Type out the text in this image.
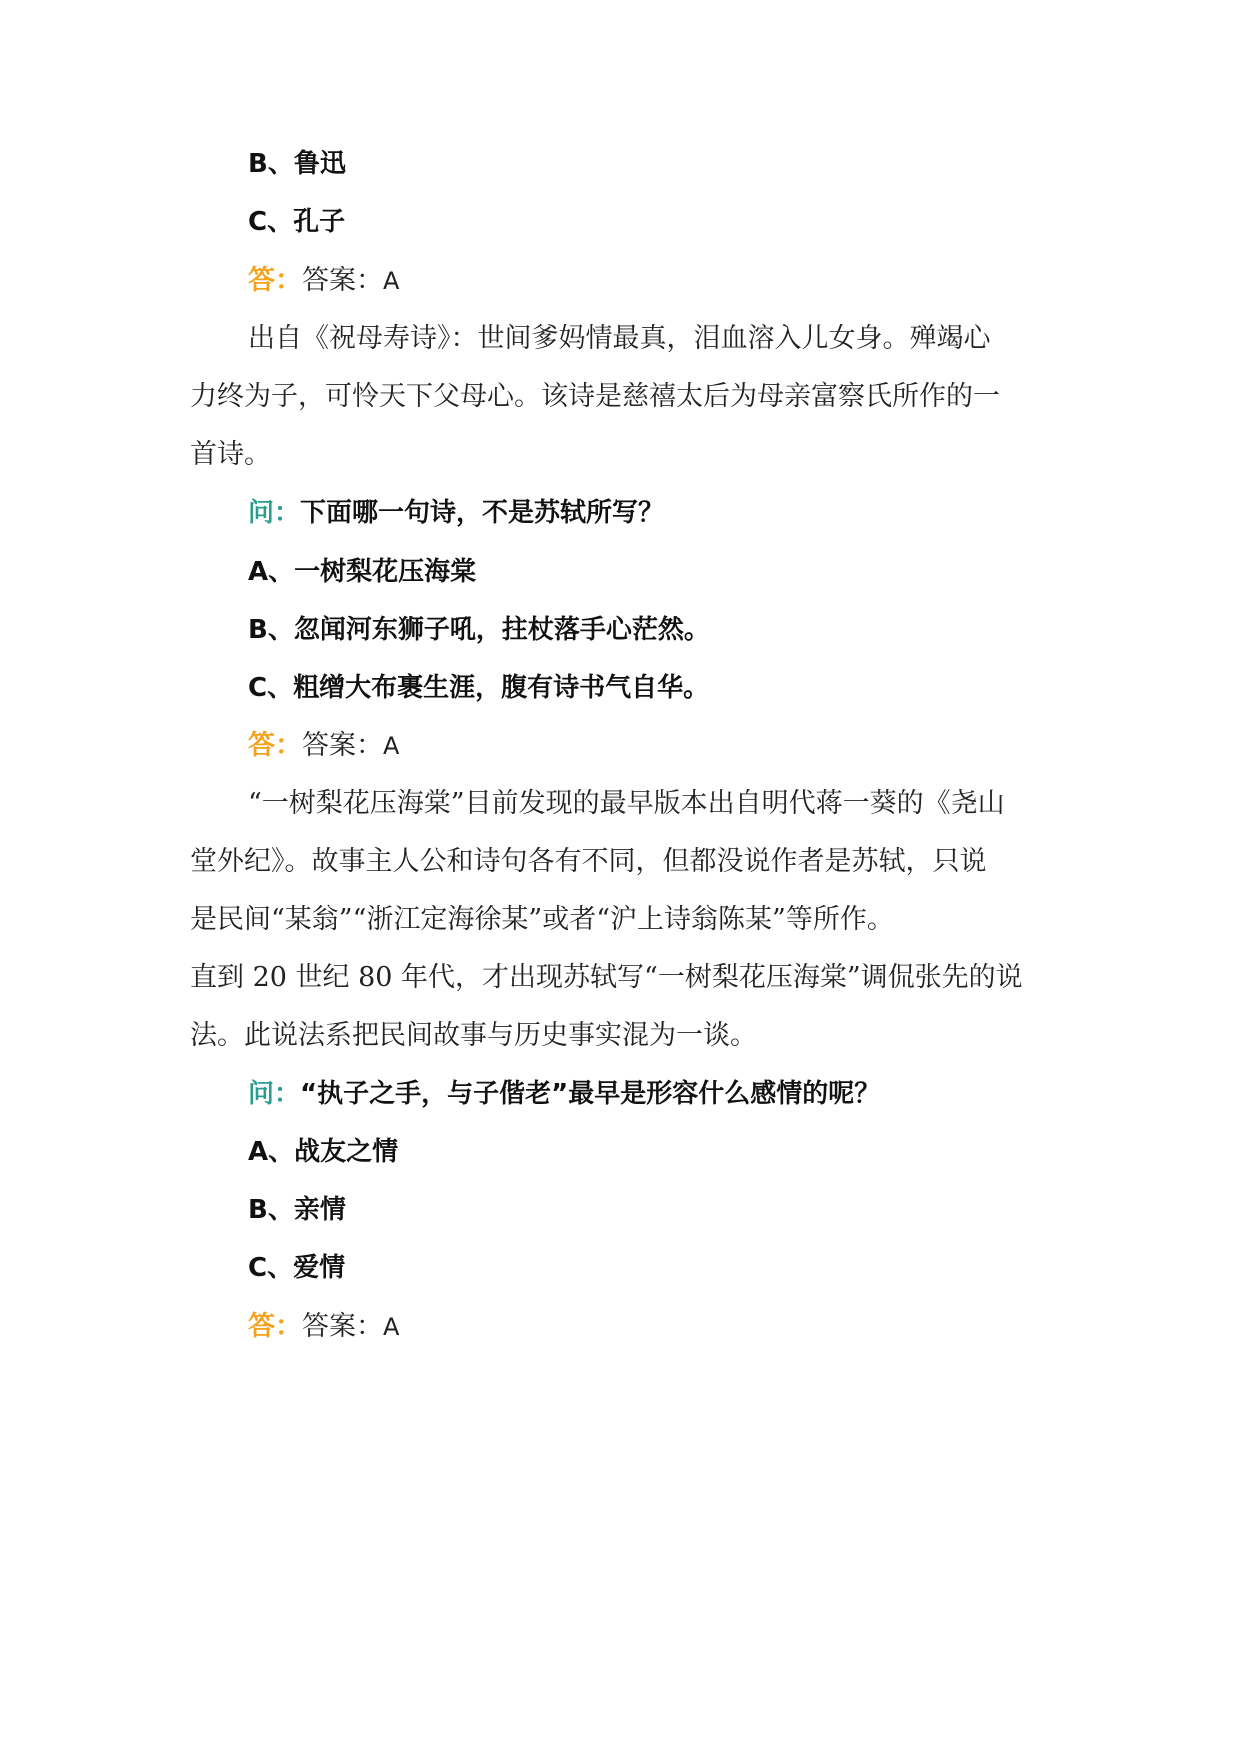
B、鲁迅
C、孔子
答：答案：A
出自《祝母寿诗》：世间爹妈情最真，泪血溶入儿女身。殚竭心
力终为子，可怜天下父母心。该诗是慈禧太后为母亲富察氏所作的一
首诗。
问：下面哪一句诗，不是苏轼所写？
A、一树梨花压海棠
B、忽闻河东狮子吼，拄杖落手心茫然。
C、粗缯大布裹生涯，腹有诗书气自华。
答：答案：A
“一树梨花压海棠”目前发现的最早版本出自明代蒋一葵的《尧山
堂外纪》。故事主人公和诗句各有不同，但都没说作者是苏轼，只说
是民间“某翁”“浙江定海徐某”或者“沪上诗翁陈某”等所作。
直到 20 世纪 80 年代，才出现苏轼写“一树梨花压海棠”调侃张先的说
法。此说法系把民间故事与历史事实混为一谈。
问：“执子之手，与子偕老”最早是形容什么感情的呢？
A、战友之情
B、亲情
C、爱情
答：答案：A
